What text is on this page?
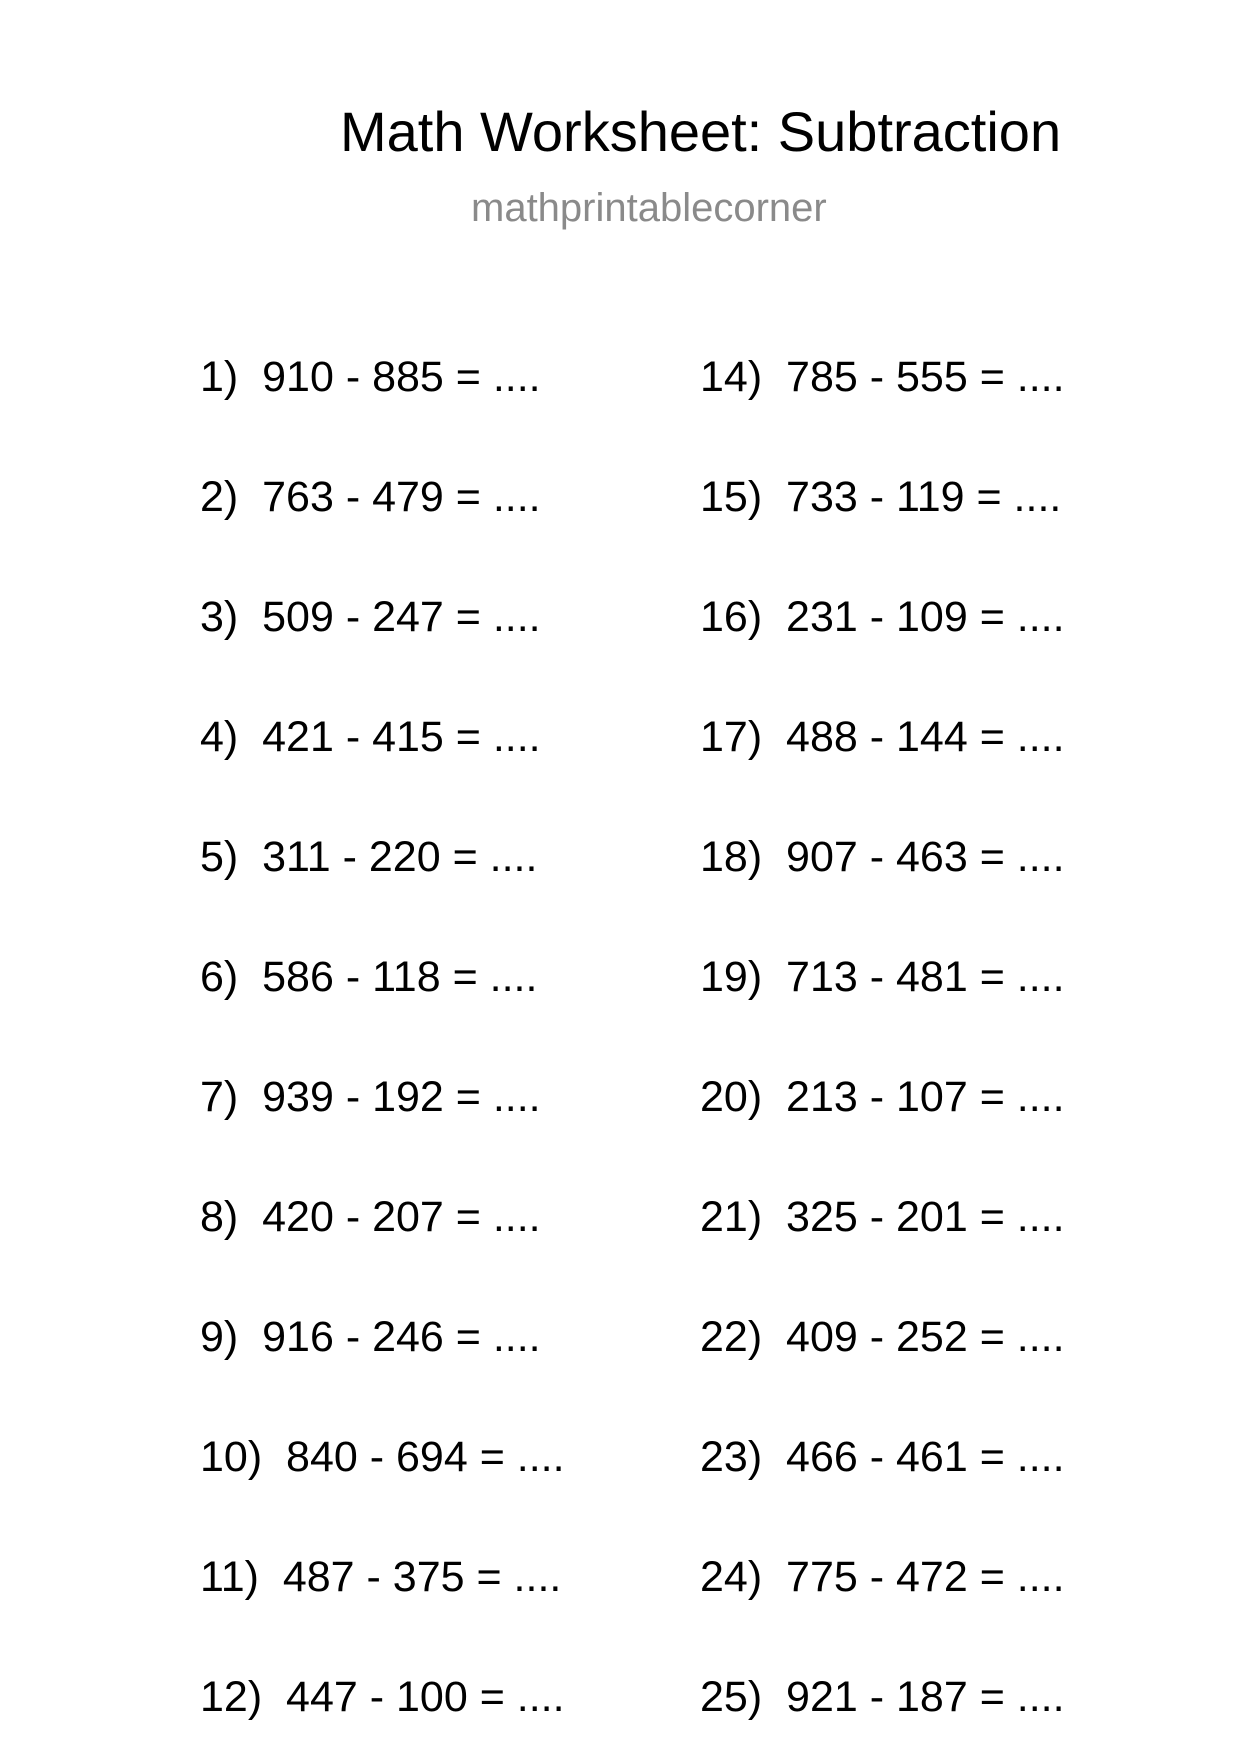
Math Worksheet: Subtraction
mathprintablecorner
1)  910 - 885 = ....
2)  763 - 479 = ....
3)  509 - 247 = ....
4)  421 - 415 = ....
5)  311 - 220 = ....
6)  586 - 118 = ....
7)  939 - 192 = ....
8)  420 - 207 = ....
9)  916 - 246 = ....
10)  840 - 694 = ....
11)  487 - 375 = ....
12)  447 - 100 = ....
14)  785 - 555 = ....
15)  733 - 119 = ....
16)  231 - 109 = ....
17)  488 - 144 = ....
18)  907 - 463 = ....
19)  713 - 481 = ....
20)  213 - 107 = ....
21)  325 - 201 = ....
22)  409 - 252 = ....
23)  466 - 461 = ....
24)  775 - 472 = ....
25)  921 - 187 = ....
